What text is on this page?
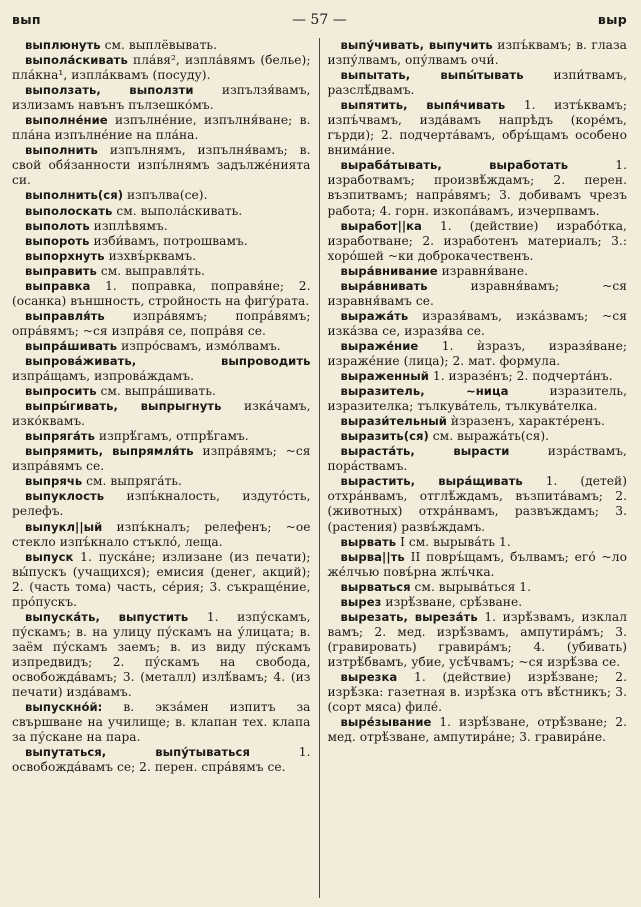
вып	— 57 —	выр

выплюнуть см. выплёвывать.

выпола́скивать пла́вя², изпла́вямъ (белье); пла́кна¹, изпла́квамъ (посуду).

выползать, выползти изпълзя́вамъ, излизамъ навънъ пълзешко́мъ.

выполне́ние изпълне́ние, изпълня́ване; в. пла́на изпълне́ние на пла́на.

выполнить изпълнямъ, изпълня́вамъ; в. свой обя́занности изпъ́лнямъ задълже́нията си.

выполнить(ся) изпълва(се).

выполоскать см. выпола́скивать.

выполоть изплѣвямъ.

выпороть изби́вамъ, потрошвамъ.

выпорхнуть изхвъ́рквамъ.

выправить см. выправля́ть.

выправка 1. поправка, поправя́не; 2. (осанка) външность, стройность на фигу́рата.

выправля́ть изпра́вямъ; попра́вямъ; опра́вямъ; ~ся изпра́вя се, попра́вя се.

выпра́шивать изпро́свамъ, измо́лвамъ.

выпрова́живать, выпроводить изпра́щамъ, изпрова́ждамъ.

выпросить см. выпра́шивать.

выпры́гивать, выпрыгнуть изка́чамъ, изко́квамъ.

выпряга́ть изпрѣ́гамъ, отпрѣ́гамъ.

выпрямить, выпрямля́ть изпра́вямъ; ~ся изпра́вямъ се.

выпрячь см. выпряга́ть.

выпуклость изпъ́кналость, издуто́сть, релефъ.

выпукл||ый изпъ́кналъ; релефенъ; ~ое стекло изпъ́кнало стъкло́, леща.

выпуск 1. пуска́не; излизане (из печати); вы́пускъ (учащихся); емисия (денег, акций); 2. (часть тома) часть, се́рия; 3. съкраще́ние, про́пускъ.

выпуска́ть, выпустить 1. изпу́скамъ, пу́скамъ; в. на улицу пу́скамъ на у́лицата; в. заём пу́скамъ заемъ; в. из виду пу́скамъ изпредвидъ; 2. пу́скамъ на свобода, освобожда́вамъ; 3. (металл) излѣ́вамъ; 4. (из печати) изда́вамъ.

выпускно́й: в. экза́мен изпитъ за свършване на училище; в. клапан тех. клапа за пу́скане на пара.

выпутаться, выпу́тываться 1. освобожда́вамъ се; 2. перен. спра́вямъ се.

выпу́чивать, выпучить изпъ́квамъ; в. глаза изпу́лвамъ, опу́лвамъ очи́.

выпытать, выпы́тывать изпи́твамъ, разслѣ́двамъ.

выпятить, выпя́чивать 1. изтъ́квамъ; изпъ́чвамъ, изда́вамъ напрѣдъ (коре́мъ, гърди); 2. подчерта́вамъ, обръ́щамъ особено внима́ние.

выраба́тывать, выработать 1. изработвамъ; произвѣ́ждамъ; 2. перен. възпитвамъ; напра́вямъ; 3. добивамъ чрезъ работа; 4. горн. изкопа́вамъ, изчерпвамъ.

выработ||ка 1. (действие) израбо́тка, изработване; 2. изработенъ материалъ; 3.: хоро́шей ~ки доброкачественъ.

выра́внивание изравня́ване.

выра́внивать изравня́вамъ; ~ся изравня́вамъ се.

выража́ть изразя́вамъ, изка́звамъ; ~ся изка́зва се, изразя́ва се.

выраже́ние 1. ѝзразъ, изразя́ване; израже́ние (лица); 2. мат. формула.

выраженный 1. изразе́нъ; 2. подчерта́нъ.

выразитель, ~ница изразитель, изразителка; тълкува́тель, тълкува́телка.

вырази́тельный ѝзразенъ, характе́ренъ.

выразить(ся) см. выража́ть(ся).

выраста́ть, вырасти изра́ствамъ, пора́ствамъ.

вырастить, выра́щивать 1. (детей) отхра́нвамъ, отглѣ́ждамъ, възпита́вамъ; 2. (животных) отхра́нвамъ, развъждамъ; 3. (растения) развъ́ждамъ.

вырвать I см. вырыва́ть 1.

вырва||ть II повръ́щамъ, бълвамъ; его́ ~ло же́лчью повъ́рна жлъ́чка.

вырваться см. вырыва́ться 1.

вырез изрѣ́зване, срѣ́зване.

вырезать, выреза́ть 1. изрѣ́звамъ, изклал вамъ; 2. мед. изрѣ́звамъ, ампутира́мъ; 3. (гравировать) гравира́мъ; 4. (убивать) изтрѣ́бвамъ, убие, усѣ́чвамъ; ~ся изрѣ́зва се.

вырезка 1. (действие) изрѣ́зване; 2. изрѣ́зка: газетная в. изрѣ́зка отъ вѣ́стникъ; 3. (сорт мяса) филе́.

выре́зывание 1. изрѣ́зване, отрѣ́зване; 2. мед. отрѣ́зване, ампутира́не; 3. гравира́не.
